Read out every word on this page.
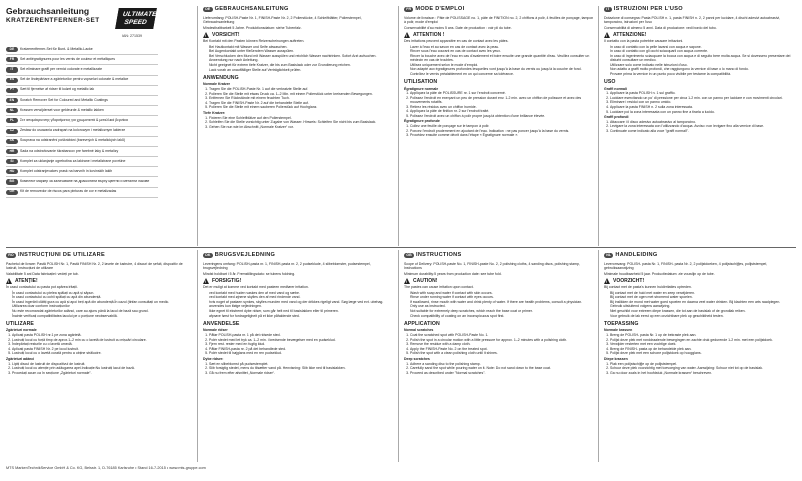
Gebrauchsanleitung
KRATZERENTFERNER-SET
ULTIMATE
SPEED
IAN: 271539
DE	Kratzerentferner-Set für Bunt- & Metallic-Lacke
FR	Set antiégratignures pour les vernis de couleur et métalliques
IT	Set eliminare graffi per vernici colorate e metallizzate
ES	Set de lindepărtare a zgârieturilor pentru vopseluri colorate & metalice
PT	Sæt til fjernelse af ridser til kulørt og metallic lak
EN	Scratch Remover Set for Coloured and Metallic Coatings
NL	Krassen verwijderset voor gekleurde & metallic lakken
PL	Σετ απομάκρυνσης γδαρσίματος για χρωματιστά & μεταλλικά βερνίκια
CZ	Zestaw do usuwania zadrapań na kolorowym i metalicznym lakierze
SK	Souprava na odstranění poškrábání (barevných & metalických laků)
HR	Sada na odstraňovanie škrabancov pre farebné laky & metalízy
SI	Komplet za uklanjanje ogrebotina za lakirane i metalizirane površine
HU	Komplet odstranjevalcev prask na barvnih in kovinskih lakih
BG	Комплект маркер за заличаване на драскотини върху цветни и метални лакове
GR	Kit de removedor de riscos para pinturas de cor e metalizadas
DE GEBRAUCHSANLEITUNG
Lieferumfang: POLISH-Paste Nr. 1, FINISH-Paste Nr. 2, 2 Polierstücke, 4 Schleifblätter, Polierstempel, Gebrauchsanleitung
Mindesthaltbarkeit 5 Jahre. Produktionsdatum: siehe Tubenfalz.
!
VORSICHT!
Bei Kontakt mit den Pasten können Reizerscheinungen auftreten.
• Bei Hautkontakt mit Wasser und Seife abwaschen.
• Bei Augenkontakt unter fließendem Wasser ausspülen.
• Bei Verschlucken den Mund mit Wasser ausspülen und reichlich Wasser nachtrinken. Sofort Arzt aufsuchen.
• Anwendung nur nach Anleitung.
• Nicht geeignet für extrem tiefe Kratzer, die bis zum Basislack oder zur Grundierung reichen.
• Lack vorab an unauffälliger Stelle auf Verträglichkeit prüfen.
ANWENDUNG
Normale Kratzer
1. Tragen Sie die POLISH-Paste Nr. 1 auf die verkratzte Stelle auf.
2. Polieren Sie die Stelle mit etwas Druck ca. 1–2 Min. mit einem Polierstück unter kreisenden Bewegungen.
3. Entfernen Sie Rückstände mit einem feuchten Tuch.
4. Tragen Sie die FINISH-Paste Nr. 2 auf die behandelte Stelle auf.
5. Polieren Sie die Stelle mit einem sauberen Polierstück auf Hochglanz.
Tiefe Kratzer:
1. Fixieren Sie eine Schleifblätze auf den Polierstempel.
2. Schleifen Sie die Stelle vorsichtig unter Zugabe von Wasser. Hinweis: Schleifen Sie nicht bis zum Basislack.
3. Gehen Sie nun wie im Abschnitt „Normale Kratzer“ vor.
FR MODE D'EMPLOI
Volume de livraison : Pâte de POLISSAGE no. 1, pâte de FINITION no. 2, 2 chiffons à polir, 4 feuilles de ponçage, tampon à polir, mode d'emploi
Conservabilité d'au moins 5 ans. Date de production : voir pli du tube.
!
ATTENTION !
Des irritations peuvent apparaître en cas de contact avec les pâtes.
• Laver à l'eau et au savon en cas de contact avec la peau.
• Rincer sous l'eau courant en cas de contact avec les yeux.
• Rincer la bouche avec de l'eau en cas d'avalement et boire ensuite une grande quantité d'eau. Veuillez consulter un médecin en cas de troubles.
• Utilisez uniquement selon le mode d'emploi.
• Non adapté aux égratignures profondes lesquelles vont jusqu'à la base du vernis ou jusqu'à la couche de fond.
• Contrôlez le vernis préalablement en un qui concerne sa tolérance.
UTILISATION
Égratignure normale
1. Appliquez la pâte de POLISSURE nr. 1 sur l'endroit concerné.
2. Polissez l'endroit en exerçant un peu de pression durant env. 1-2 min. avec un chiffon de polissure et avec des mouvements rotatifs.
3. Retirez les résidus avec un chiffon humide.
4. Appliquez la pâte de finition nr. 2 sur l'endroit traité.
5. Polissez l'endroit avec un chiffon à polir propre jusqu'à obtention d'une brillance élevée.
Égratignure profonde
1. Collez une feuille de ponçage sur le tampon à polir.
2. Poncez l'endroit prudemment en ajoutant de l'eau. Indication : ne pas poncer jusqu'à la base du vernis.
3. Procédez ensuite comme décrit dans l'étape « Égratignure normale ».
IT ISTRUZIONI PER L'USO
Dotazione di consegna: Pasta POLISH n. 1, pasta FINISH n. 2, 2 panni per lucidare, 4 dischi adesivi autoabrasivi, tamponcino, istruzioni per l'uso
Conservabilità di almeno 5 anni. Data di produzione: vedi bordo del tubo.
!
ATTENZIONE!
Il contatto con la pasta potrebbe causare irritazioni.
• In caso di contatto con la pelle lavarsi con acqua e sapone.
• In caso di contatto con gli occhi sciacquarli con acqua corrente.
• In caso di ingerimento sciacquare la bocca con acqua e di seguito bere molta acqua. Se si dovessero presentare dei disturbi consultare un medico.
• Utilizzare solo come indicato nelle istruzioni d'uso.
• Non adatto a graffi molto profondi, che raggiungono la vernice di base o lo mano di fondo.
• Provare prima la vernice in un punto poco visibile per testarne la compatibilità.
USO
Graffi normali
1. Applicare la pasta POLISH n. 1 sul graffio.
2. Lucidare esercitando un po' di pressione per circa 1-2 min. con un panno per lucidare e con movimenti circolari.
3. Eliminare i residui con un panno umido.
4. Applicare la pasta FINISH n. 2 sulla zona interessata.
5. Lucidare poi la zona interessata con un panno fine a tirarla a lucido.
Graffi profondi
1. Attaccare i il disco adesivo autoabrasivo al tamponcino.
2. Levigare la zona interessata con l'utilizzando d'acqua. Avviso: non levigare fino alla vernice di base.
3. Continuate come indicato alla voce "graffi normali".
RO INSTRUCȚIUNI DE UTILIZARE
Pachetul de livrare: Pastă POLISH Nr. 1, Pastă FINISH Nr. 2, 2 lavete de lustruire, 4 discuri de șefuit, dispozitiv de lustruit, Instrucțiuni de utilizare
Valabilitate 5 ani Data fabricației: vedeți pe tub.
!
ATENȚIE!
În cazul contactului cu pasta pot apărea iritații.
• În cazul contactului cu pielea spălați cu apă și săpun.
• În cazul contactului cu ochii spălați cu apă din abundență.
• În cazul ingerării clătiți gura cu apă și apoi beți apă din abundență.În cazul (tinfan consultați un medic.
• Utilizarea doar conform instrucțiunilor
• Nu este recomandat zgârieturilor adânci, care au ajuns până la lacul de bază sau grund.
• Înainte verificați compatibilitatea lacului pe o porțiune neobservabilă.
UTILIZARE
Zgârieturi normale
1. Aplicați pasta POLISH nr.1 pe zona agârietă.
2. Lustruiți locul cu forță timp de aprox.1–2 min cu o lavetă de lustruit cu mișcări circulare.
3. Îndepărtați resturile cu o lavetă umedă.
4. Aplicați pasta FINISH Nr. 2 pe locul lustruit.
5. Lustruiți locul cu o lavetă curată pentru a obține strălucire.
Zgârieturi adânci
1. Lipiți discul de lustruit de dispozitivul de lustruit.
2. Lustruiți locul cu atenție prin adăugarea apei.Indicație:Nu lustruiți lacul de bază.
3. Procedați acum ca în secțiune „Zgârieturi normale”.
DK BRUGSVEJLEDNING
Leveringens omfang: POLISH-pasta nr. 1, FINISH-pasta nr. 2, 2 pudseklude, 4 slibeblomster, pudsestempel, brugsvejledning
Mindst holdbart i 5 år. Fremstillingsdato: se tubens foldning.
!
FORSIGTIG!
Det er muligt at komme ved kontakt med pasteen medfører irritation.
• ved kontakt med huden vaskes den af med vand og sæbe.
• ved kontakt med øjnene skylles den af med rindende vand.
• hvis noget af pastaen synkes, skylles munden med vand og der drikkes rigeligt vand. Søg læge ved evt. ubehag.
• anvendes kun ifølge vejledningen.
• Ikke egnet til ekstremt dybe ridser, som går helt ned til basislakken eller til primeren.
• afprøve først for fordrageligheit på et ikke påfaldende sted.
ANVENDELSE
Normale ridser
1. Påfør POLISH-pasta nr. 1 på det ridsede sted.
2. Polér stedet med let tryk ca. 1–2 min. i kredsende bevægelser med en pudseklud.
3. Fjern rest. rester med en fugtig klud.
4. Påfør FINISH-pasta nr. 2 på det behandlede sted.
5. Polér stedet til højglans med en ren pudseklud.
Dybe ridser:
1. Sæt en slibeblomst på pudsestemplet.
2. Slib forsigtig stedet, mens du tilsætter vand på. Henvisning: Slib ikke ned til basislakken.
3. Gå nu frem efter afsnittet „Normale ridser“.
GB INSTRUCTIONS
Scope of Delivery: POLISH-paste No. 1, FINISH-paste No. 2, 2 polishing cloths, 4 sanding discs, polishing stamp, Instructions
Minimum durability:5 years from production date: see tube fold.
!
CAUTION!
The pastes can cause irritation upon contact.
• Wash with soap and water if contact with skin occurs.
• Rinse under running water if contact with eyes occurs.
• If swallowed, rinse mouth with water and drink plenty of water. If there are health problems, consult a physician.
• Only use as instructed.
• Not suitable for extremely deep scratches, which reach the base coat or primer.
• Check compatibility of coating on an inconspicuous spot first.
APPLICATION
Normal scratches
1. Coat the scratched spot with POLISH-Paste No. 1.
2. Polish the spot in a circular motion with a little pressure for approx. 1–2 minutes with a polishing cloth.
3. Remove the residue with a damp cloth.
4. Apply the FINISH-Paste No. 2 on the treated spot.
5. Polish the spot with a clean polishing cloth until it shines.
Deep scratches
1. Adhere a sanding disc to the polishing stamp.
2. Carefully sand the spot while pouring water on it. Note: Do not sand down to the base coat.
3. Proceed as described under "Normal scratches".
NL HANDLEIDING
Leveromvang: POLISH- pasta Nr. 1, FINISH- pasta Nr. 2, 2 polijstdoeken, 4 polijstschijfjes, polijststempel, gebruiksaanwijzing
Minimale houdbaarheid 5 jaar. Productiedatum: zie vouwlijn op de tube.
!
VOORZICHT!
Bij contact met de pasta's kunnen huidirritaties optreden.
• Bij contact met de huid met water en zeep verwijderen.
• Bij contact met de ogen met stromend water spoelen.
• Bij inslikken de mond met water goed spoelen en daarna veel water drinken. Bij klachten een arts raadplegen.
• Gebruik uitsluitend volgens aanwijzing.
• Niet geschikt voor extreem diepe krassen, die tot aan de basislak of de grondlak reiken.
• Voor gebruik de lak eerst op een onzichtbare plek op geschiktheid testen.
TOEPASSING
Normale krassen
1. Breng de POLISH- pasta Nr. 1 op de bekraste plek aan.
2. Polijst deze plek met ronddraaiende bewegingen en zachte druk gedurende 1-2 min. met een polijstdoek.
3. Verwijder resterten met een vochtige doek.
4. Breng de FINISH- pasta op de behandelde plek aan.
5. Polijst deze plek met een schone polijstdoek op hoogglans.
Diepe krassen
1. Plak een polijstschijfje op de polijststempel.
2. Schuur deze plek voorzichtig met toevoeging van water. Aanwijzing: Schuur niet tot op de basislak.
3. Ga nu door zoals in het hoofdstuk „Normale krassen“ beschreven.
MTS MarkenTechnikService GmbH & Co. KG, Belsstr. 1, D-76185 Karlsruhe • Stand 16-7-2015 • www.mts-gruppe.com
